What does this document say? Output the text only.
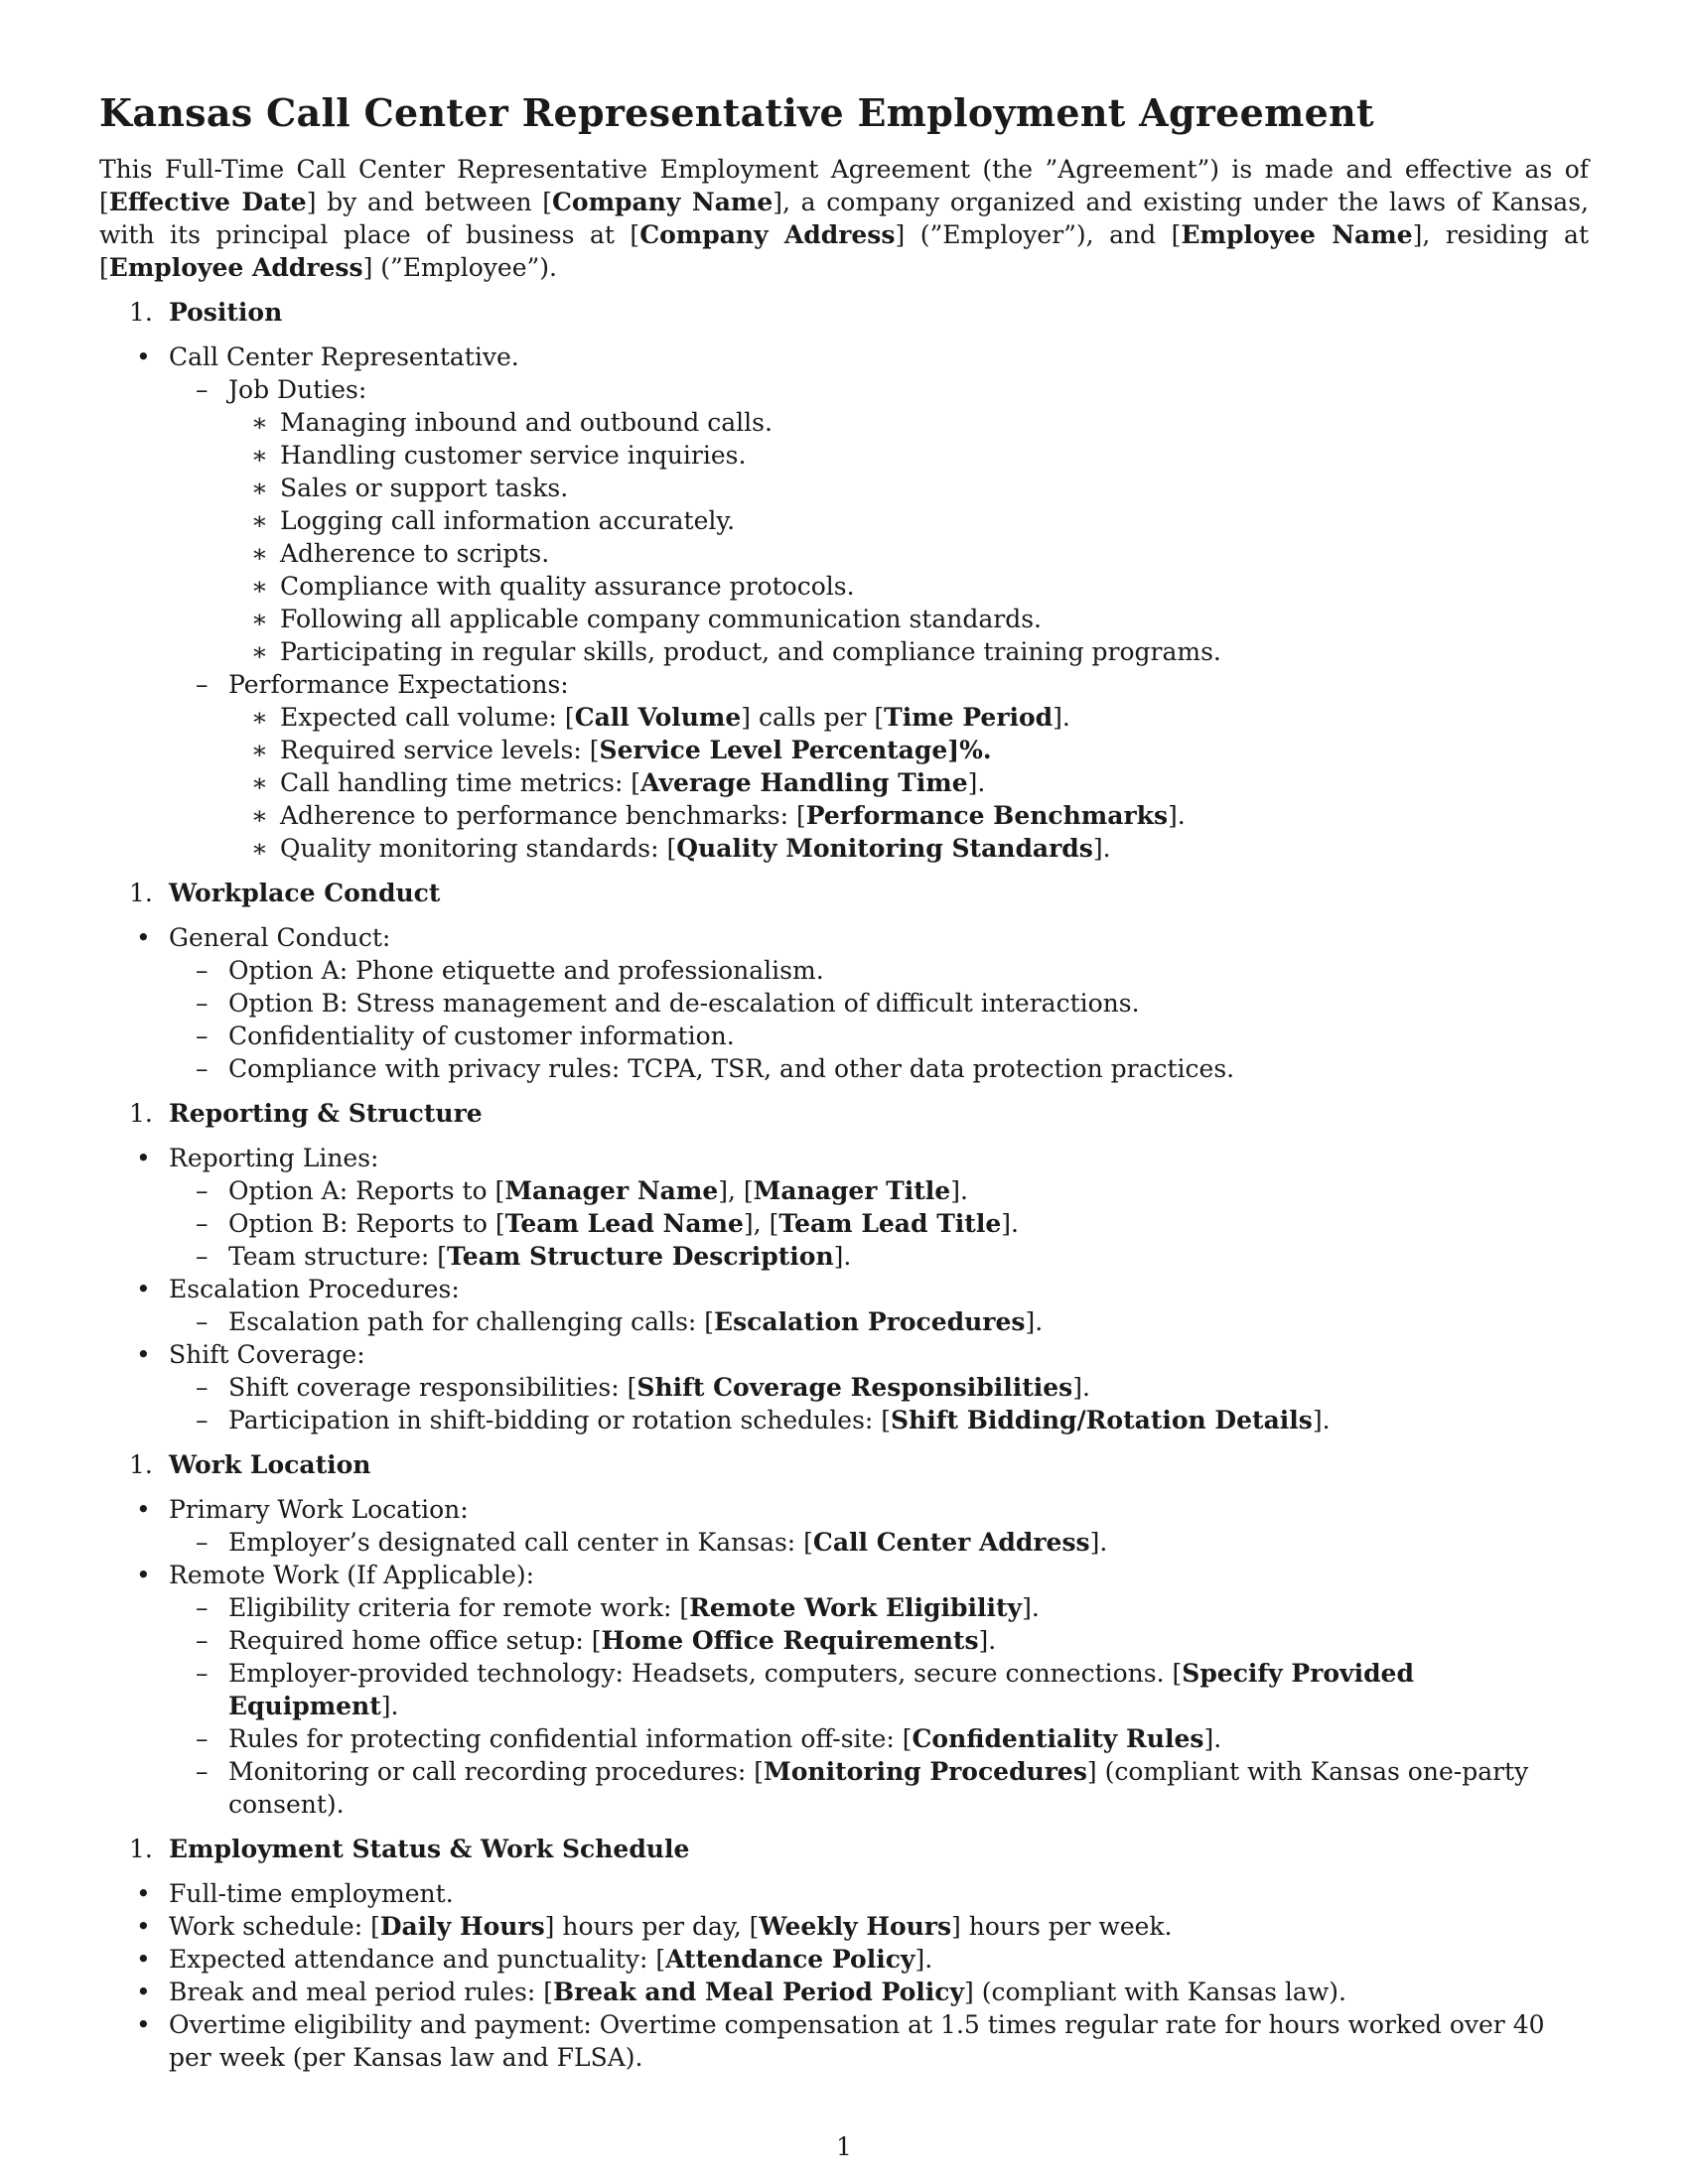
Kansas Call Center Representative Employment Agreement

This Full-Time Call Center Representative Employment Agreement (the ”Agreement”) is made and effective as of [Effective Date] by and between [Company Name], a company organized and existing under the laws of Kansas, with its principal place of business at [Company Address] (”Employer”), and [Employee Name], residing at [Employee Address] (”Employee”).

1. Position
• Call Center Representative.
– Job Duties:
∗ Managing inbound and outbound calls.
∗ Handling customer service inquiries.
∗ Sales or support tasks.
∗ Logging call information accurately.
∗ Adherence to scripts.
∗ Compliance with quality assurance protocols.
∗ Following all applicable company communication standards.
∗ Participating in regular skills, product, and compliance training programs.
– Performance Expectations:
∗ Expected call volume: [Call Volume] calls per [Time Period].
∗ Required service levels: [Service Level Percentage]%.
∗ Call handling time metrics: [Average Handling Time].
∗ Adherence to performance benchmarks: [Performance Benchmarks].
∗ Quality monitoring standards: [Quality Monitoring Standards].
1. Workplace Conduct
• General Conduct:
– Option A: Phone etiquette and professionalism.
– Option B: Stress management and de-escalation of difficult interactions.
– Confidentiality of customer information.
– Compliance with privacy rules: TCPA, TSR, and other data protection practices.
1. Reporting & Structure
• Reporting Lines:
– Option A: Reports to [Manager Name], [Manager Title].
– Option B: Reports to [Team Lead Name], [Team Lead Title].
– Team structure: [Team Structure Description].
• Escalation Procedures:
– Escalation path for challenging calls: [Escalation Procedures].
• Shift Coverage:
– Shift coverage responsibilities: [Shift Coverage Responsibilities].
– Participation in shift-bidding or rotation schedules: [Shift Bidding/Rotation Details].
1. Work Location
• Primary Work Location:
– Employer’s designated call center in Kansas: [Call Center Address].
• Remote Work (If Applicable):
– Eligibility criteria for remote work: [Remote Work Eligibility].
– Required home office setup: [Home Office Requirements].
– Employer-provided technology: Headsets, computers, secure connections. [Specify Provided Equipment].
– Rules for protecting confidential information off-site: [Confidentiality Rules].
– Monitoring or call recording procedures: [Monitoring Procedures] (compliant with Kansas one-party consent).
1. Employment Status & Work Schedule
• Full-time employment.
• Work schedule: [Daily Hours] hours per day, [Weekly Hours] hours per week.
• Expected attendance and punctuality: [Attendance Policy].
• Break and meal period rules: [Break and Meal Period Policy] (compliant with Kansas law).
• Overtime eligibility and payment: Overtime compensation at 1.5 times regular rate for hours worked over 40 per week (per Kansas law and FLSA).
1
